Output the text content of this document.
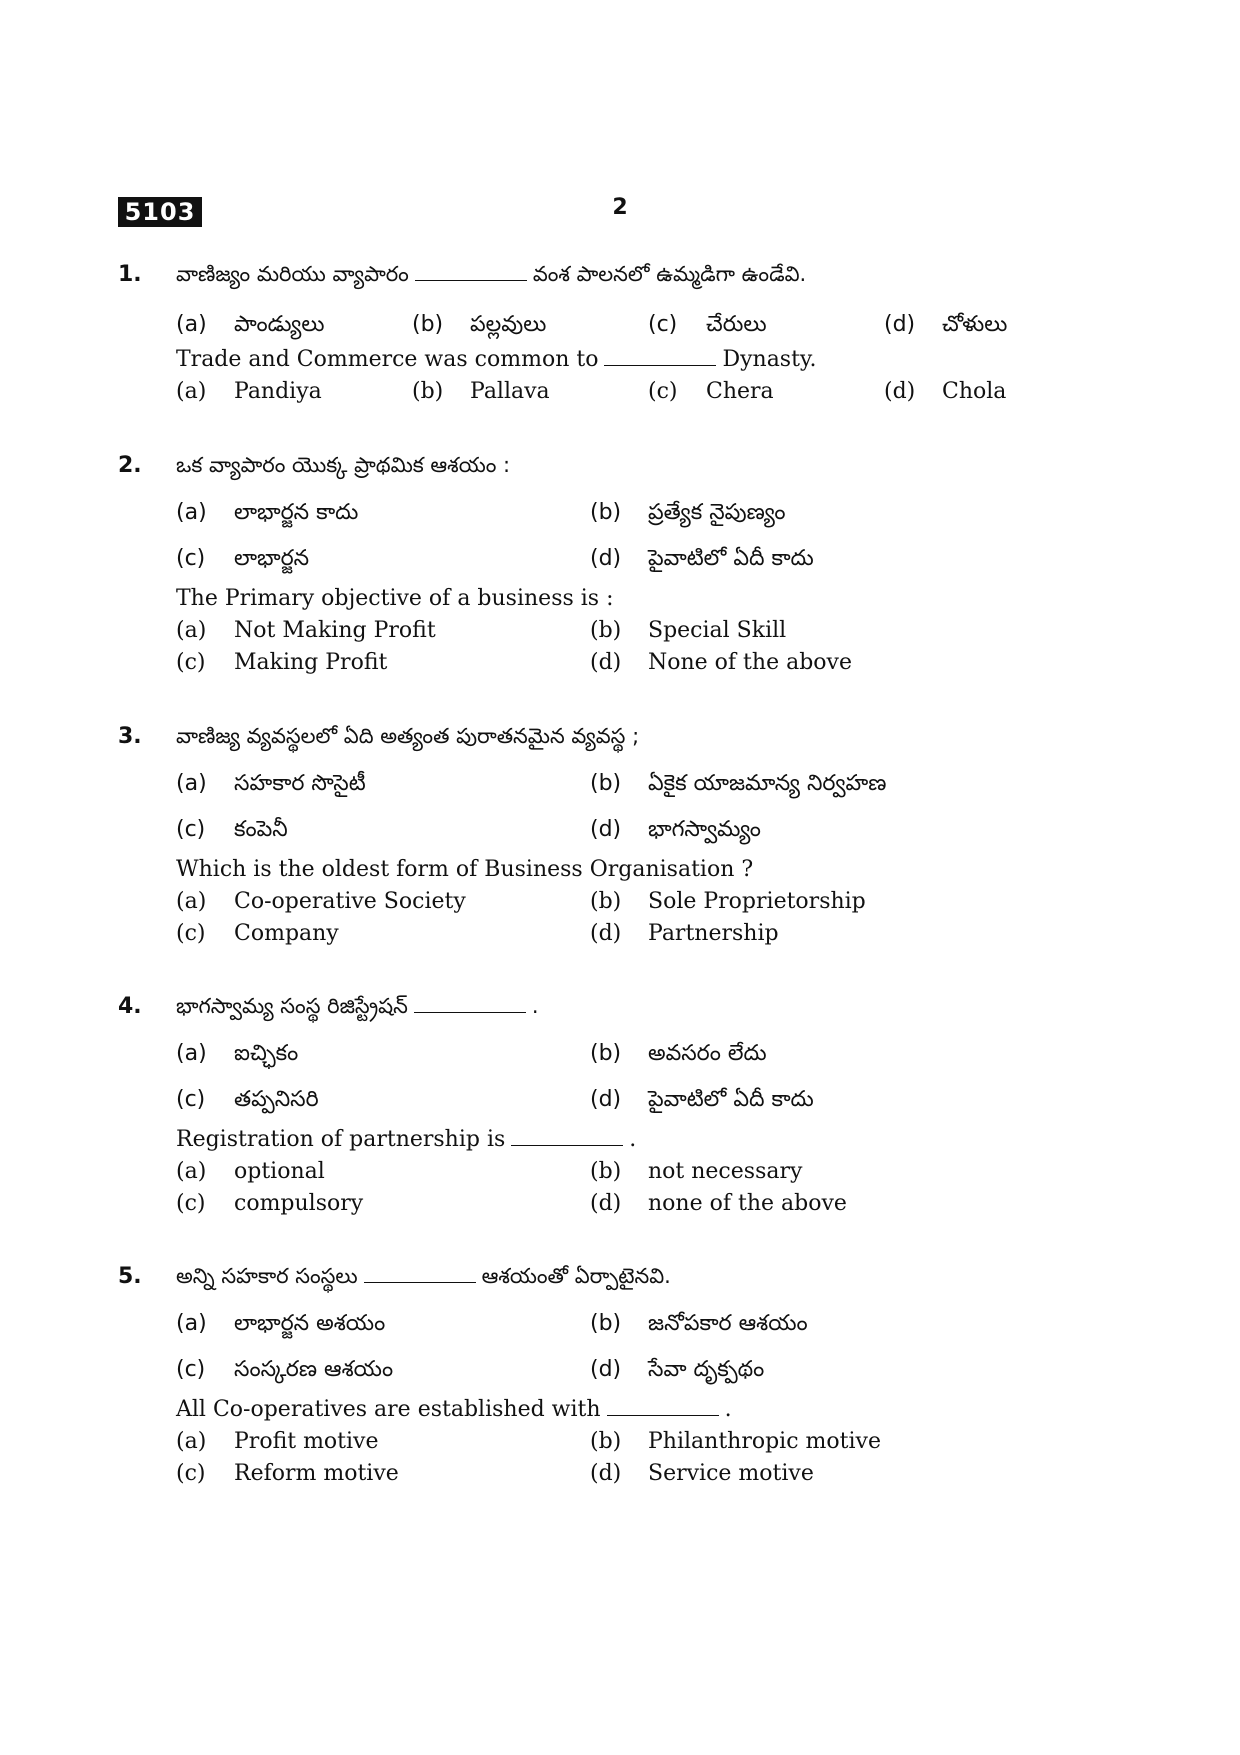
5103	2
1. వాణిజ్యం మరియు వ్యాపారం	వంశ పాలనలో ఉమ్మడిగా ఉండేవి.
(a) పాండ్యులు	(b) పల్లవులు	(c) చేరులు	(d) చోళులు
Trade and Commerce was common to	Dynasty.
(a) Pandiya	(b) Pallava	(c) Chera	(d) Chola
2. ఒక వ్యాపారం యొక్క ప్రాథమిక ఆశయం :
(a) లాభార్జన కాదు	(b) ప్రత్యేక నైపుణ్యం
(c) లాభార్జన	(d) పైవాటిలో ఏదీ కాదు
The Primary objective of a business is :
(a) Not Making Profit	(b) Special Skill
(c) Making Profit	(d) None of the above
3. వాణిజ్య వ్యవస్థలలో ఏది అత్యంత పురాతనమైన వ్యవస్థ ;
(a) సహకార సొసైటీ	(b) ఏకైక యాజమాన్య నిర్వహణ
(c) కంపెనీ	(d) భాగస్వామ్యం
Which is the oldest form of Business Organisation ?
(a) Co-operative Society	(b) Sole Proprietorship
(c) Company	(d) Partnership
4. భాగస్వామ్య సంస్థ రిజిస్ట్రేషన్	.
(a) ఐచ్ఛికం	(b) అవసరం లేదు
(c) తప్పనిసరి	(d) పైవాటిలో ఏదీ కాదు
Registration of partnership is	.
(a) optional	(b) not necessary
(c) compulsory	(d) none of the above
5. అన్ని సహకార సంస్థలు	ఆశయంతో ఏర్పాటైనవి.
(a) లాభార్జన అశయం	(b) జనోపకార ఆశయం
(c) సంస్కరణ ఆశయం	(d) సేవా దృక్పథం
All Co-operatives are established with	.
(a) Profit motive	(b) Philanthropic motive
(c) Reform motive	(d) Service motive
